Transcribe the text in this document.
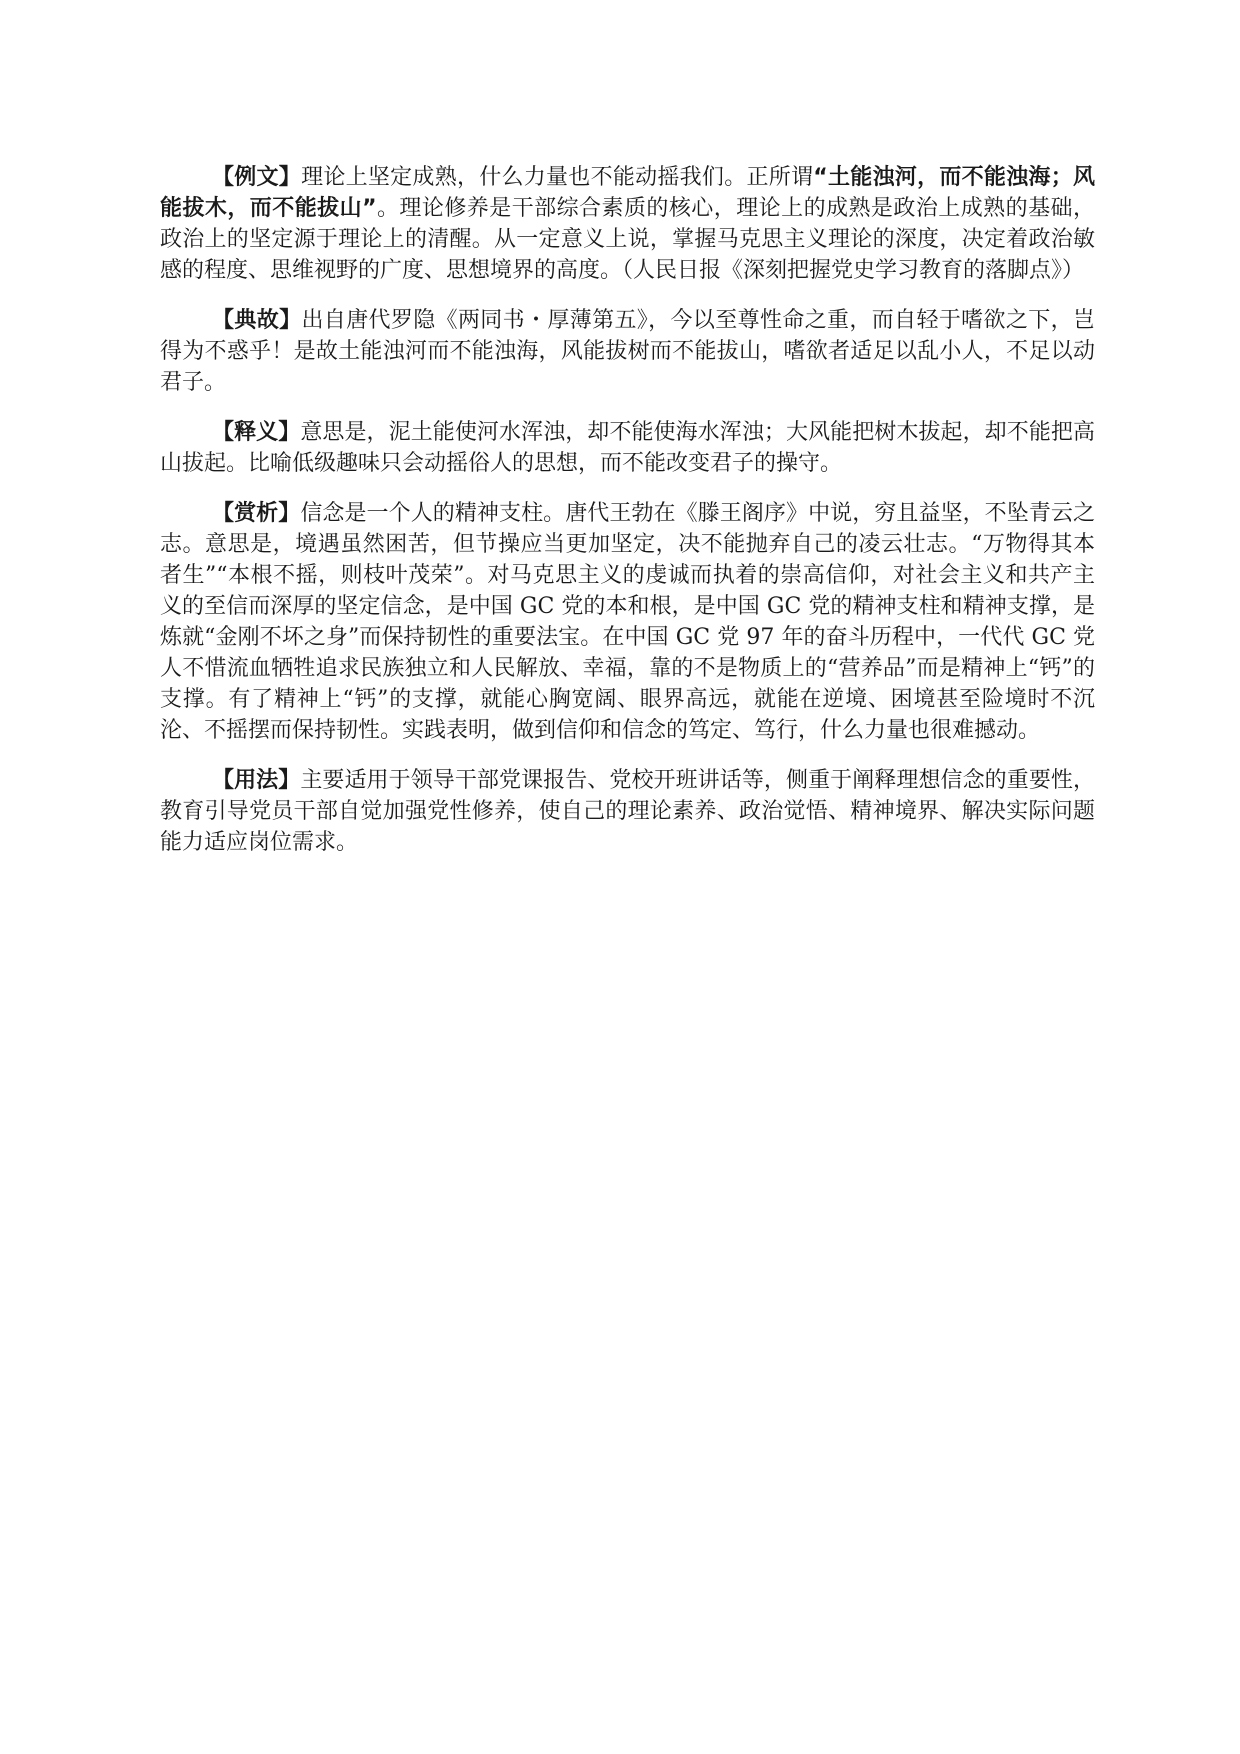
【例文】理论上坚定成熟，什么力量也不能动摇我们。正所谓“土能浊河，而不能浊海；风能拔木，而不能拔山”。理论修养是干部综合素质的核心，理论上的成熟是政治上成熟的基础，政治上的坚定源于理论上的清醒。从一定意义上说，掌握马克思主义理论的深度，决定着政治敏感的程度、思维视野的广度、思想境界的高度。（人民日报《深刻把握党史学习教育的落脚点》）

【典故】出自唐代罗隐《两同书・厚薄第五》，今以至尊性命之重，而自轻于嗜欲之下，岂得为不惑乎！是故土能浊河而不能浊海，风能拔树而不能拔山，嗜欲者适足以乱小人，不足以动君子。

【释义】意思是，泥土能使河水浑浊，却不能使海水浑浊；大风能把树木拔起，却不能把高山拔起。比喻低级趣味只会动摇俗人的思想，而不能改变君子的操守。

【赏析】信念是一个人的精神支柱。唐代王勃在《滕王阁序》中说，穷且益坚，不坠青云之志。意思是，境遇虽然困苦，但节操应当更加坚定，决不能抛弃自己的凌云壮志。“万物得其本者生”“本根不摇，则枝叶茂荣”。对马克思主义的虔诚而执着的崇高信仰，对社会主义和共产主义的至信而深厚的坚定信念，是中国 GC 党的本和根，是中国 GC 党的精神支柱和精神支撑，是炼就“金刚不坏之身”而保持韧性的重要法宝。在中国 GC 党 97 年的奋斗历程中，一代代 GC 党人不惜流血牺牲追求民族独立和人民解放、幸福，靠的不是物质上的“营养品”而是精神上“钙”的支撑。有了精神上“钙”的支撑，就能心胸宽阔、眼界高远，就能在逆境、困境甚至险境时不沉沦、不摇摆而保持韧性。实践表明，做到信仰和信念的笃定、笃行，什么力量也很难撼动。

【用法】主要适用于领导干部党课报告、党校开班讲话等，侧重于阐释理想信念的重要性，教育引导党员干部自觉加强党性修养，使自己的理论素养、政治觉悟、精神境界、解决实际问题能力适应岗位需求。
